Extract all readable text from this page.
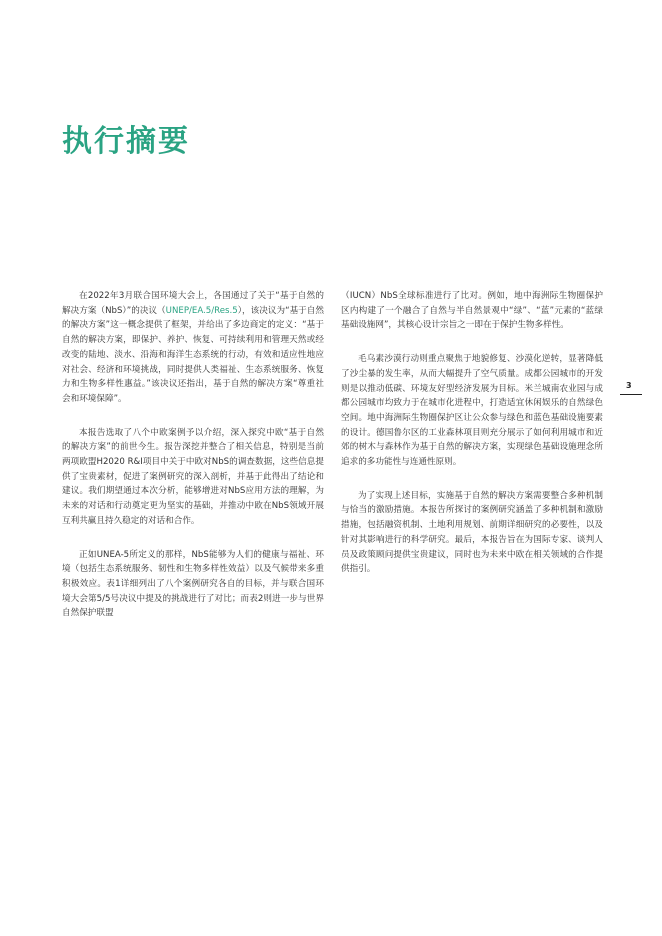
执行摘要

在2022年3月联合国环境大会上，各国通过了关于“基于自然的解决方案（NbS）”的决议（UNEP/EA.5/Res.5），该决议为“基于自然的解决方案”这一概念提供了框架，并给出了多边商定的定义：“基于自然的解决方案，即保护、养护、恢复、可持续利用和管理天然或经改变的陆地、淡水、沿海和海洋生态系统的行动，有效和适应性地应对社会、经济和环境挑战，同时提供人类福祉、生态系统服务、恢复力和生物多样性惠益。”该决议还指出，基于自然的解决方案“尊重社会和环境保障”。

本报告选取了八个中欧案例予以介绍，深入探究中欧“基于自然的解决方案”的前世今生。报告深挖并整合了相关信息，特别是当前两项欧盟H2020 R&I项目中关于中欧对NbS的调查数据，这些信息提供了宝贵素材，促进了案例研究的深入剖析，并基于此得出了结论和建议。我们期望通过本次分析，能够增进对NbS应用方法的理解，为未来的对话和行动奠定更为坚实的基础，并推动中欧在NbS领域开展互利共赢且持久稳定的对话和合作。

正如UNEA-5所定义的那样，NbS能够为人们的健康与福祉、环境（包括生态系统服务、韧性和生物多样性效益）以及气候带来多重积极效应。表1详细列出了八个案例研究各自的目标，并与联合国环境大会第5/5号决议中提及的挑战进行了对比；而表2则进一步与世界自然保护联盟

（IUCN）NbS全球标准进行了比对。例如，地中海洲际生物圈保护区内构建了一个融合了自然与半自然景观中“绿”、“蓝”元素的“蓝绿基础设施网”，其核心设计宗旨之一即在于保护生物多样性。

毛乌素沙漠行动则重点聚焦于地貌修复、沙漠化逆转，显著降低了沙尘暴的发生率，从而大幅提升了空气质量。成都公园城市的开发则是以推动低碳、环境友好型经济发展为目标。米兰城南农业园与成都公园城市均致力于在城市化进程中，打造适宜休闲娱乐的自然绿色空间。地中海洲际生物圈保护区让公众参与绿色和蓝色基础设施要素的设计。德国鲁尔区的工业森林项目则充分展示了如何利用城市和近郊的树木与森林作为基于自然的解决方案，实现绿色基础设施理念所追求的多功能性与连通性原则。

为了实现上述目标，实施基于自然的解决方案需要整合多种机制与恰当的激励措施。本报告所探讨的案例研究涵盖了多种机制和激励措施，包括融资机制、土地利用规划、前期详细研究的必要性，以及针对其影响进行的科学研究。最后，本报告旨在为国际专家、谈判人员及政策顾问提供宝贵建议，同时也为未来中欧在相关领域的合作提供指引。

3
